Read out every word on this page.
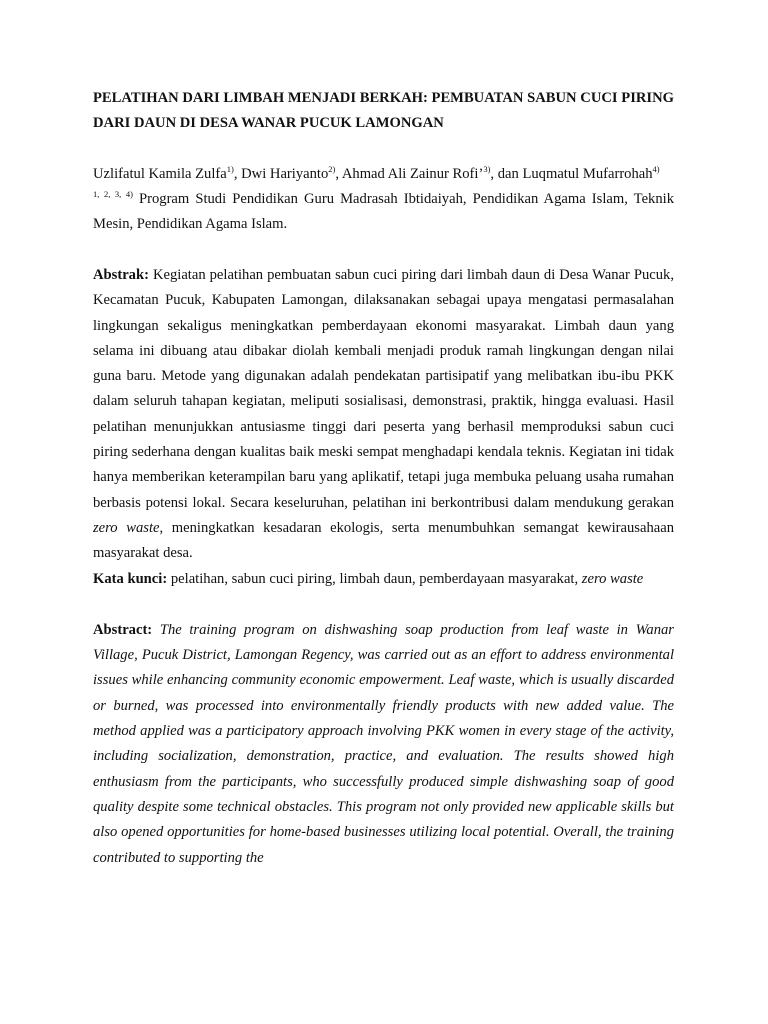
PELATIHAN DARI LIMBAH MENJADI BERKAH: PEMBUATAN SABUN CUCI PIRING DARI DAUN DI DESA WANAR PUCUK LAMONGAN

Uzlifatul Kamila Zulfa$^{1)}$, Dwi Hariyanto$^{2)}$, Ahmad Ali Zainur Rofi’$^{3)}$, dan Luqmatul Mufarrohah$^{4)}$

$^{1, 2, 3, 4)}$ Program Studi Pendidikan Guru Madrasah Ibtidaiyah, Pendidikan Agama Islam, Teknik Mesin, Pendidikan Agama Islam.

Abstrak: Kegiatan pelatihan pembuatan sabun cuci piring dari limbah daun di Desa Wanar Pucuk, Kecamatan Pucuk, Kabupaten Lamongan, dilaksanakan sebagai upaya mengatasi permasalahan lingkungan sekaligus meningkatkan pemberdayaan ekonomi masyarakat. Limbah daun yang selama ini dibuang atau dibakar diolah kembali menjadi produk ramah lingkungan dengan nilai guna baru. Metode yang digunakan adalah pendekatan partisipatif yang melibatkan ibu-ibu PKK dalam seluruh tahapan kegiatan, meliputi sosialisasi, demonstrasi, praktik, hingga evaluasi. Hasil pelatihan menunjukkan antusiasme tinggi dari peserta yang berhasil memproduksi sabun cuci piring sederhana dengan kualitas baik meski sempat menghadapi kendala teknis. Kegiatan ini tidak hanya memberikan keterampilan baru yang aplikatif, tetapi juga membuka peluang usaha rumahan berbasis potensi lokal. Secara keseluruhan, pelatihan ini berkontribusi dalam mendukung gerakan zero waste, meningkatkan kesadaran ekologis, serta menumbuhkan semangat kewirausahaan masyarakat desa.

Kata kunci: pelatihan, sabun cuci piring, limbah daun, pemberdayaan masyarakat, zero waste

Abstract: The training program on dishwashing soap production from leaf waste in Wanar Village, Pucuk District, Lamongan Regency, was carried out as an effort to address environmental issues while enhancing community economic empowerment. Leaf waste, which is usually discarded or burned, was processed into environmentally friendly products with new added value. The method applied was a participatory approach involving PKK women in every stage of the activity, including socialization, demonstration, practice, and evaluation. The results showed high enthusiasm from the participants, who successfully produced simple dishwashing soap of good quality despite some technical obstacles. This program not only provided new applicable skills but also opened opportunities for home-based businesses utilizing local potential. Overall, the training contributed to supporting the
